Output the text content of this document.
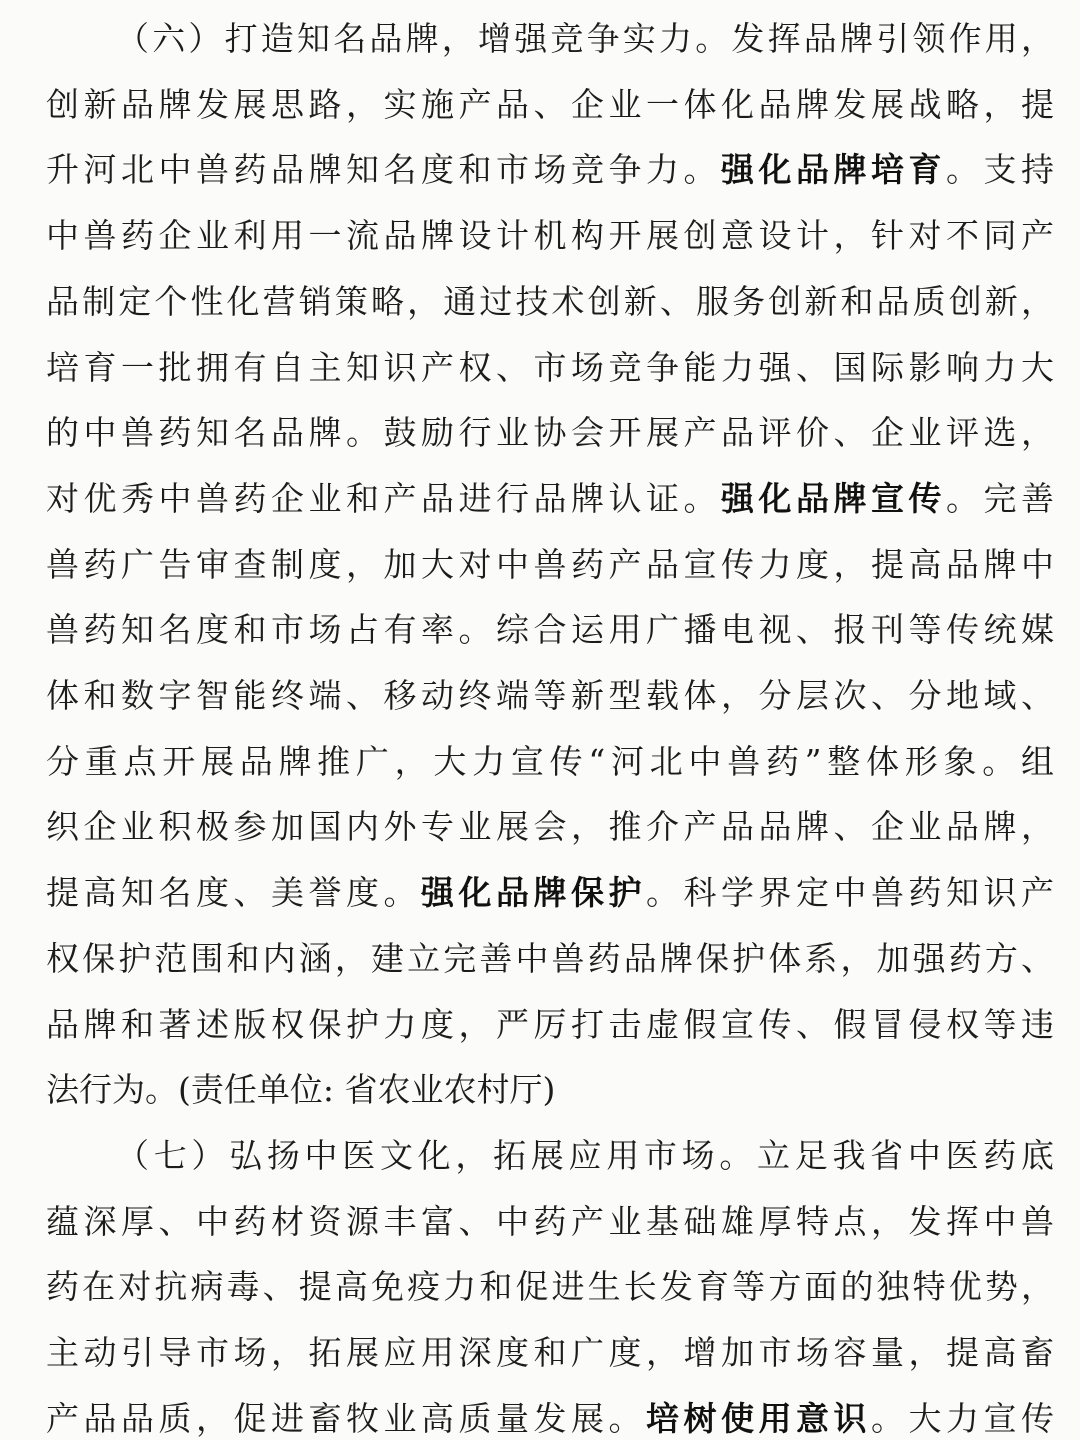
（六）打造知名品牌，增强竞争实力。发挥品牌引领作用，
创新品牌发展思路，实施产品、企业一体化品牌发展战略，提
升河北中兽药品牌知名度和市场竞争力。强化品牌培育。支持
中兽药企业利用一流品牌设计机构开展创意设计，针对不同产
品制定个性化营销策略，通过技术创新、服务创新和品质创新，
培育一批拥有自主知识产权、市场竞争能力强、国际影响力大
的中兽药知名品牌。鼓励行业协会开展产品评价、企业评选，
对优秀中兽药企业和产品进行品牌认证。强化品牌宣传。完善
兽药广告审查制度，加大对中兽药产品宣传力度，提高品牌中
兽药知名度和市场占有率。综合运用广播电视、报刊等传统媒
体和数字智能终端、移动终端等新型载体，分层次、分地域、
分重点开展品牌推广，大力宣传“河北中兽药”整体形象。组
织企业积极参加国内外专业展会，推介产品品牌、企业品牌，
提高知名度、美誉度。强化品牌保护。科学界定中兽药知识产
权保护范围和内涵，建立完善中兽药品牌保护体系，加强药方、
品牌和著述版权保护力度，严厉打击虚假宣传、假冒侵权等违
法行为。(责任单位: 省农业农村厅)
（七）弘扬中医文化，拓展应用市场。立足我省中医药底
蕴深厚、中药材资源丰富、中药产业基础雄厚特点，发挥中兽
药在对抗病毒、提高免疫力和促进生长发育等方面的独特优势，
主动引导市场，拓展应用深度和广度，增加市场容量，提高畜
产品品质，促进畜牧业高质量发展。培树使用意识。大力宣传
